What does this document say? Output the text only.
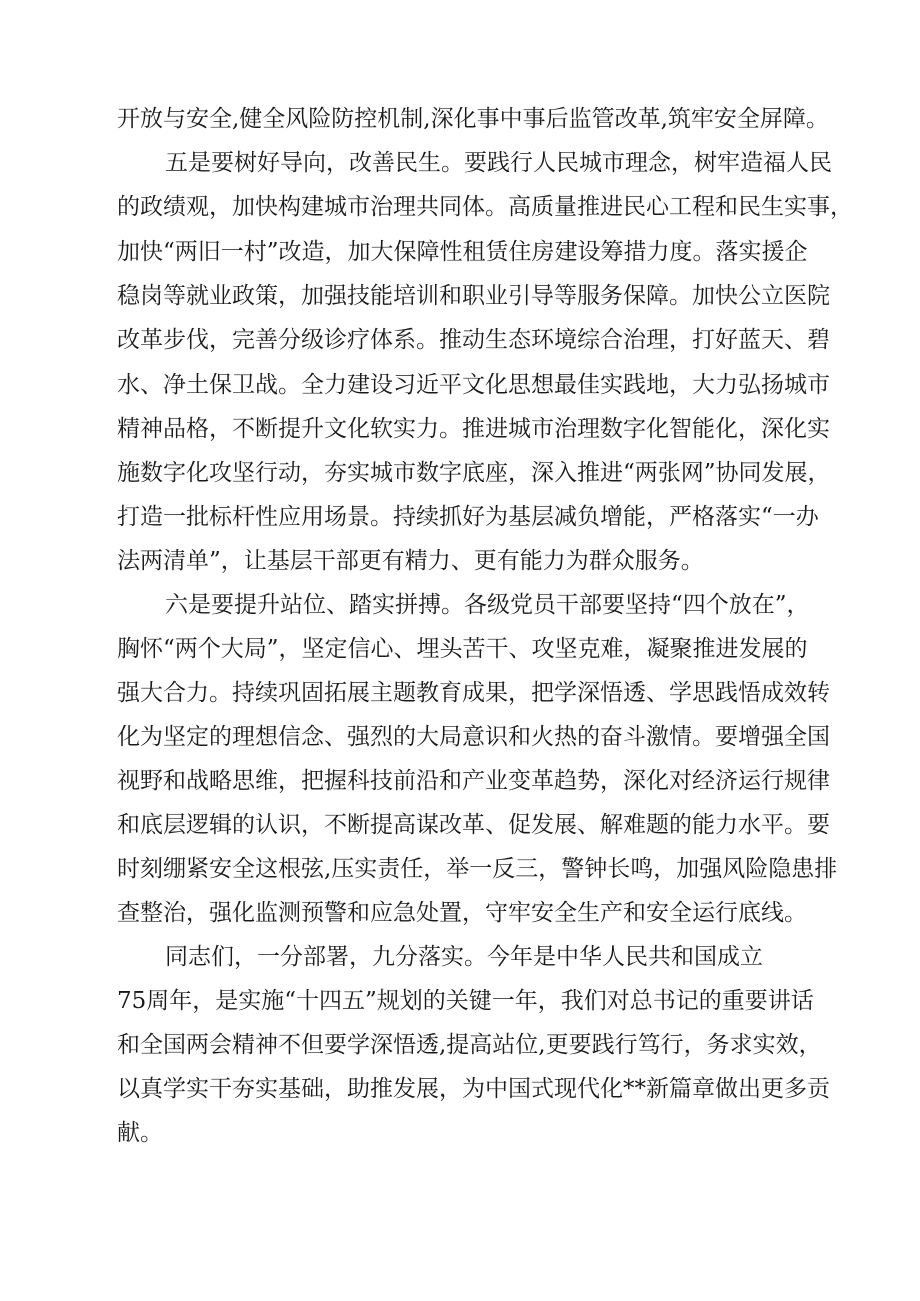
开放与安全,健全风险防控机制,深化事中事后监管改革,筑牢安全屏障。
五是要树好导向，改善民生。要践行人民城市理念，树牢造福人民
的政绩观，加快构建城市治理共同体。高质量推进民心工程和民生实事，
加快“两旧一村”改造，加大保障性租赁住房建设筹措力度。落实援企
稳岗等就业政策，加强技能培训和职业引导等服务保障。加快公立医院
改革步伐，完善分级诊疗体系。推动生态环境综合治理，打好蓝天、碧
水、净土保卫战。全力建设习近平文化思想最佳实践地，大力弘扬城市
精神品格，不断提升文化软实力。推进城市治理数字化智能化，深化实
施数字化攻坚行动，夯实城市数字底座，深入推进“两张网”协同发展，
打造一批标杆性应用场景。持续抓好为基层减负增能，严格落实“一办
法两清单”，让基层干部更有精力、更有能力为群众服务。
六是要提升站位、踏实拼搏。各级党员干部要坚持“四个放在”，
胸怀“两个大局”，坚定信心、埋头苦干、攻坚克难，凝聚推进发展的
强大合力。持续巩固拓展主题教育成果，把学深悟透、学思践悟成效转
化为坚定的理想信念、强烈的大局意识和火热的奋斗激情。要增强全国
视野和战略思维，把握科技前沿和产业变革趋势，深化对经济运行规律
和底层逻辑的认识，不断提高谋改革、促发展、解难题的能力水平。要
时刻绷紧安全这根弦,压实责任，举一反三，警钟长鸣，加强风险隐患排
查整治，强化监测预警和应急处置，守牢安全生产和安全运行底线。
同志们，一分部署，九分落实。今年是中华人民共和国成立
75周年，是实施“十四五”规划的关键一年，我们对总书记的重要讲话
和全国两会精神不但要学深悟透,提高站位,更要践行笃行，务求实效，
以真学实干夯实基础，助推发展，为中国式现代化**新篇章做出更多贡
献。
